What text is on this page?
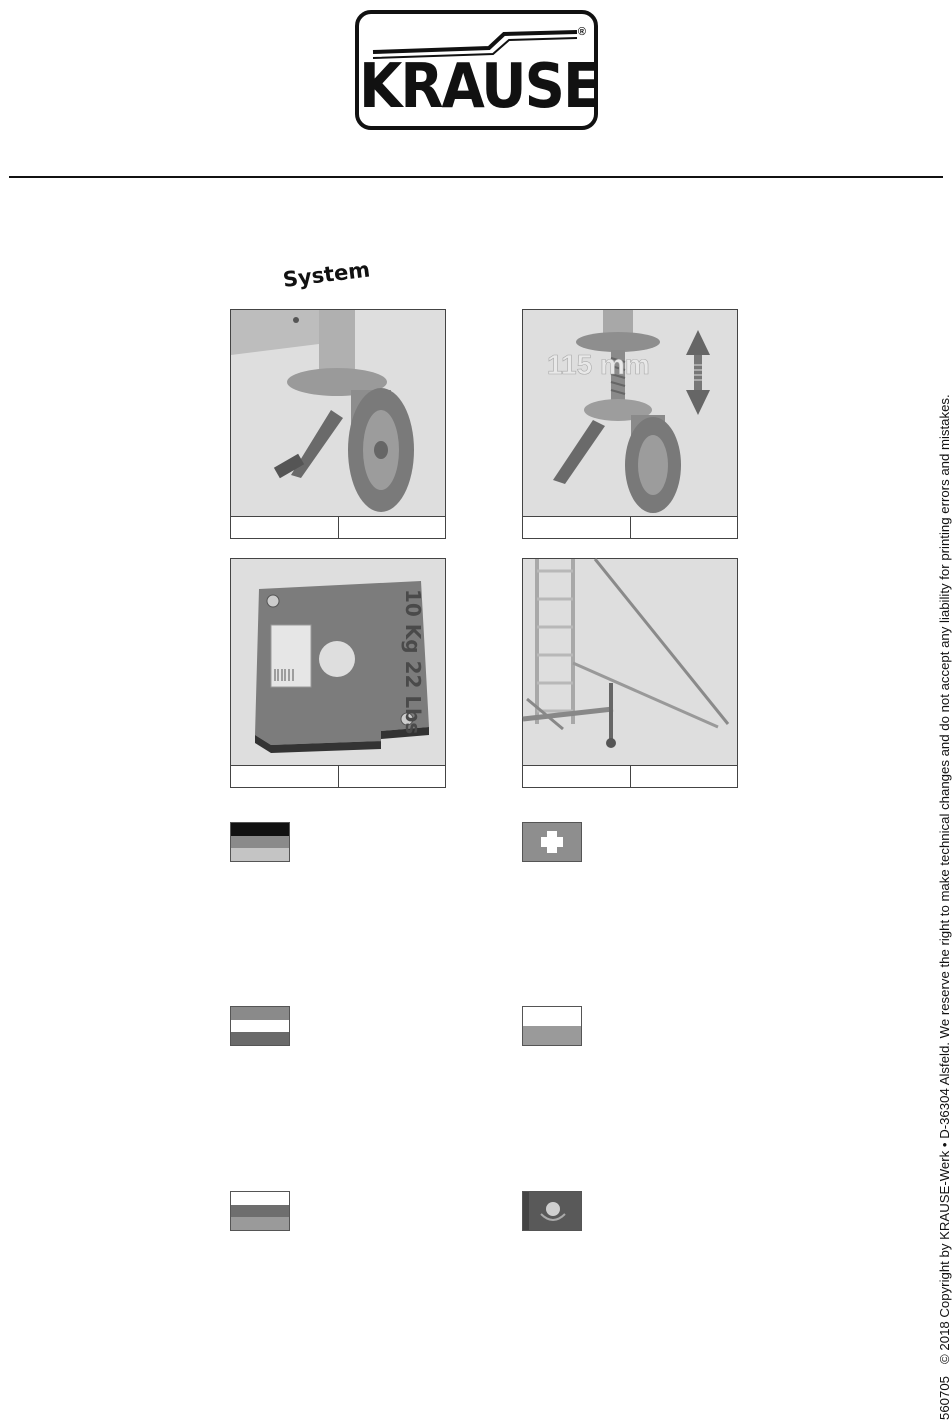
KRAUSE
®
System
115 mm
10 Kg 22 Lbs
560705© 2018 Copyright by KRAUSE-Werk • D-36304 Alsfeld. We reserve the right to make technical changes and do not accept any liability for printing errors and mistakes.
